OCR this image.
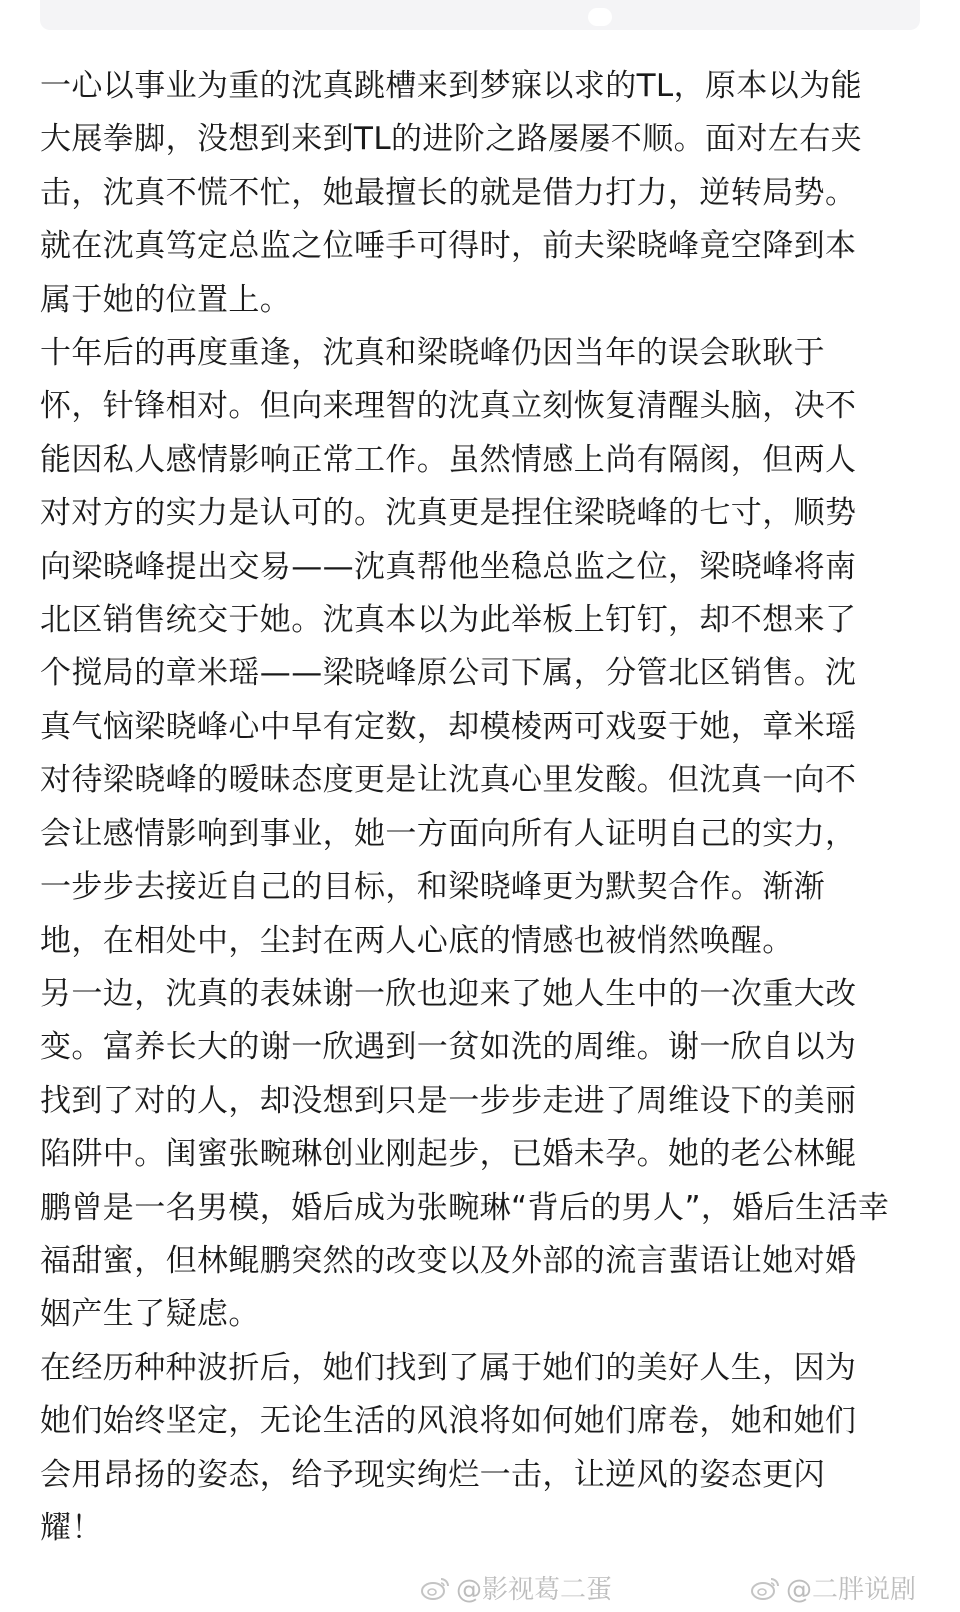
一心以事业为重的沈真跳槽来到梦寐以求的TL，原本以为能
大展拳脚，没想到来到TL的进阶之路屡屡不顺。面对左右夹
击，沈真不慌不忙，她最擅长的就是借力打力，逆转局势。
就在沈真笃定总监之位唾手可得时，前夫梁晓峰竟空降到本
属于她的位置上。

十年后的再度重逢，沈真和梁晓峰仍因当年的误会耿耿于
怀，针锋相对。但向来理智的沈真立刻恢复清醒头脑，决不
能因私人感情影响正常工作。虽然情感上尚有隔阂，但两人
对对方的实力是认可的。沈真更是捏住梁晓峰的七寸，顺势
向梁晓峰提出交易——沈真帮他坐稳总监之位，梁晓峰将南
北区销售统交于她。沈真本以为此举板上钉钉，却不想来了
个搅局的章米瑶——梁晓峰原公司下属，分管北区销售。沈
真气恼梁晓峰心中早有定数，却模棱两可戏耍于她，章米瑶
对待梁晓峰的暧昧态度更是让沈真心里发酸。但沈真一向不
会让感情影响到事业，她一方面向所有人证明自己的实力，
一步步去接近自己的目标，和梁晓峰更为默契合作。渐渐
地，在相处中，尘封在两人心底的情感也被悄然唤醒。

另一边，沈真的表妹谢一欣也迎来了她人生中的一次重大改
变。富养长大的谢一欣遇到一贫如洗的周维。谢一欣自以为
找到了对的人，却没想到只是一步步走进了周维设下的美丽
陷阱中。闺蜜张畹琳创业刚起步，已婚未孕。她的老公林鲲
鹏曾是一名男模，婚后成为张畹琳“背后的男人”，婚后生活幸
福甜蜜，但林鲲鹏突然的改变以及外部的流言蜚语让她对婚
姻产生了疑虑。

在经历种种波折后，她们找到了属于她们的美好人生，因为
她们始终坚定，无论生活的风浪将如何她们席卷，她和她们
会用昂扬的姿态，给予现实绚烂一击，让逆风的姿态更闪
耀！

@影视葛二蛋	@二胖说剧
